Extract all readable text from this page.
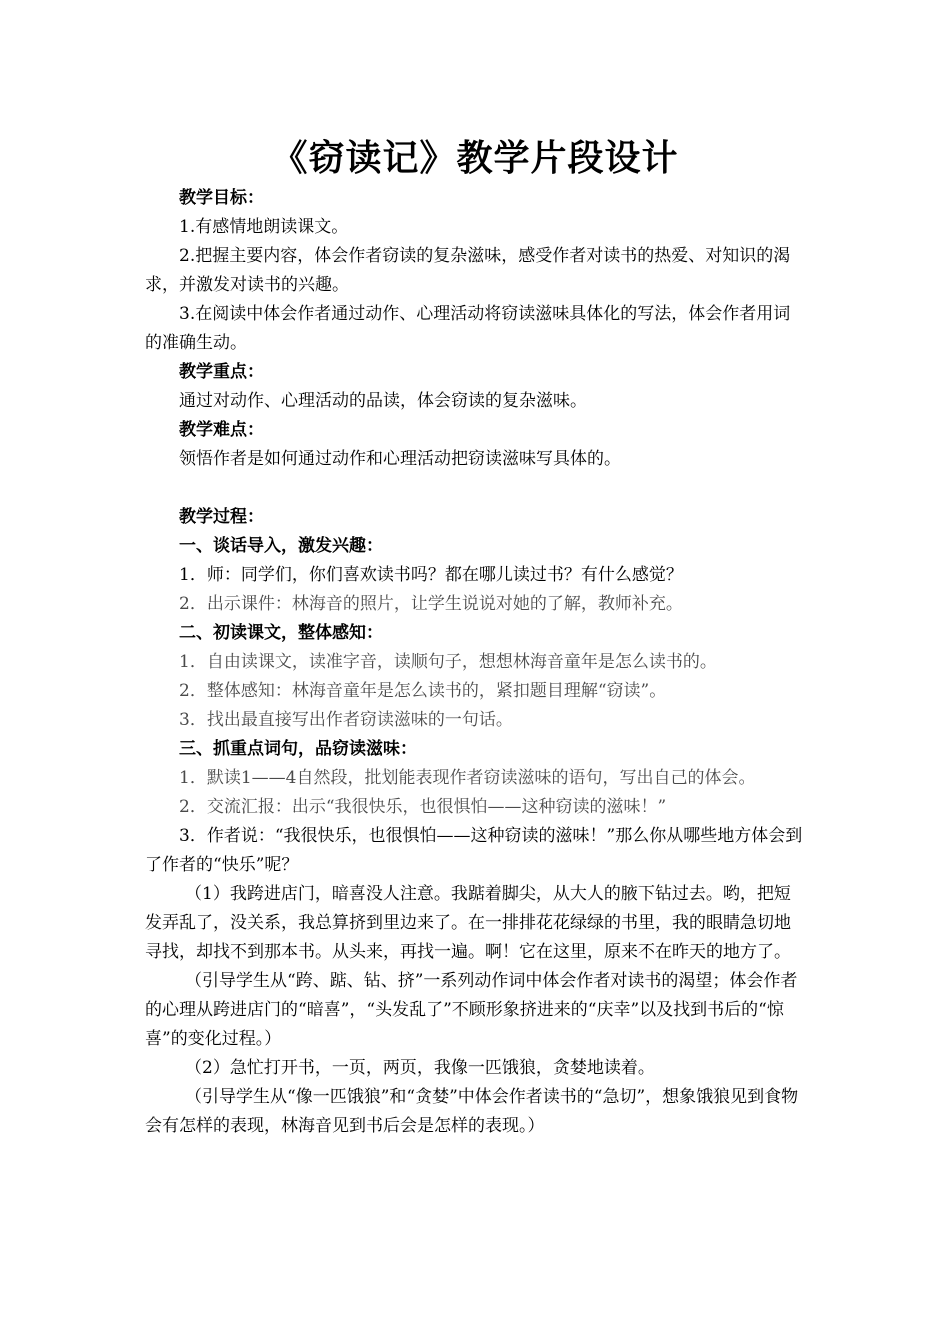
《窃读记》教学片段设计

教学目标：

1.有感情地朗读课文。

2.把握主要内容，体会作者窃读的复杂滋味，感受作者对读书的热爱、对知识的渴求，并激发对读书的兴趣。

3.在阅读中体会作者通过动作、心理活动将窃读滋味具体化的写法，体会作者用词的准确生动。

教学重点：

通过对动作、心理活动的品读，体会窃读的复杂滋味。

教学难点：

领悟作者是如何通过动作和心理活动把窃读滋味写具体的。

教学过程：

一、谈话导入，激发兴趣：

1．师：同学们，你们喜欢读书吗？都在哪儿读过书？有什么感觉？

2．出示课件：林海音的照片，让学生说说对她的了解，教师补充。

二、初读课文，整体感知：

1．自由读课文，读准字音，读顺句子，想想林海音童年是怎么读书的。

2．整体感知：林海音童年是怎么读书的，紧扣题目理解“窃读”。

3．找出最直接写出作者窃读滋味的一句话。

三、抓重点词句，品窃读滋味：

1．默读1——4自然段，批划能表现作者窃读滋味的语句，写出自己的体会。

2．交流汇报：出示“我很快乐，也很惧怕——这种窃读的滋味！”

3．作者说：“我很快乐，也很惧怕——这种窃读的滋味！”那么你从哪些地方体会到了作者的“快乐”呢？

（1）我跨进店门，暗喜没人注意。我踮着脚尖，从大人的腋下钻过去。哟，把短发弄乱了，没关系，我总算挤到里边来了。在一排排花花绿绿的书里，我的眼睛急切地寻找，却找不到那本书。从头来，再找一遍。啊！它在这里，原来不在昨天的地方了。

（引导学生从“跨、踮、钻、挤”一系列动作词中体会作者对读书的渴望；体会作者的心理从跨进店门的“暗喜”，“头发乱了”不顾形象挤进来的“庆幸”以及找到书后的“惊喜”的变化过程。）

（2）急忙打开书，一页，两页，我像一匹饿狼，贪婪地读着。

（引导学生从“像一匹饿狼”和“贪婪”中体会作者读书的“急切”，想象饿狼见到食物会有怎样的表现，林海音见到书后会是怎样的表现。）
